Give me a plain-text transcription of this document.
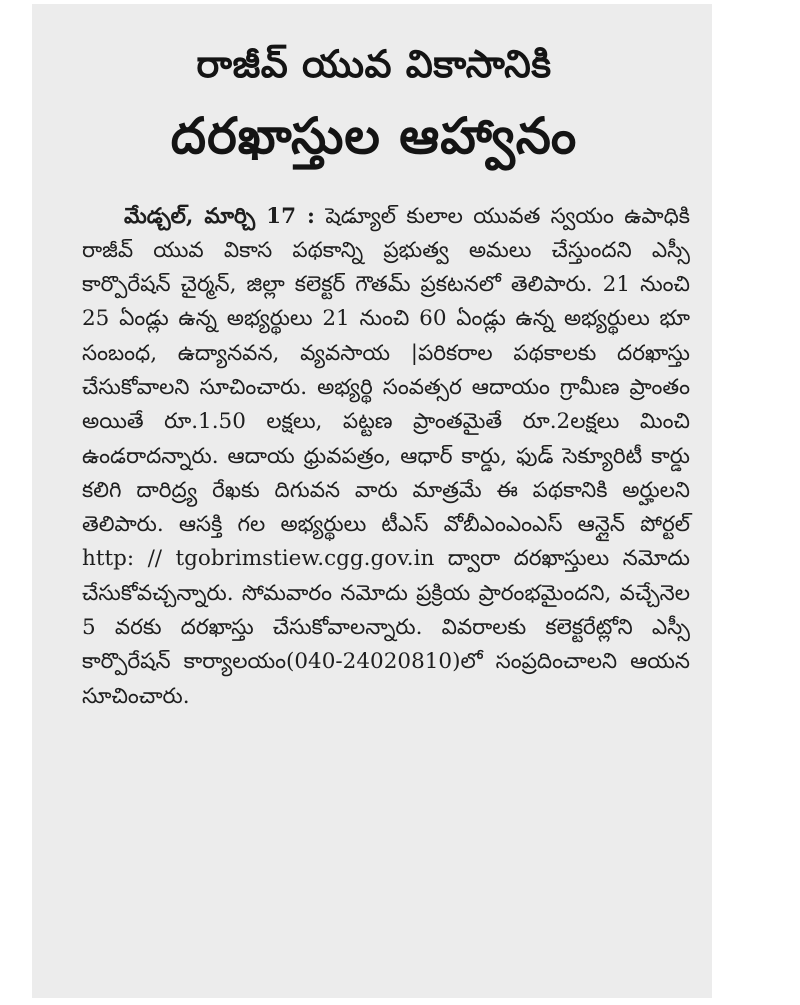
రాజీవ్ యువ వికాసానికి
దరఖాస్తుల ఆహ్వానం

మేడ్చల్, మార్చి 17 : షెడ్యూల్ కులాల యువత స్వయం ఉపాధికి రాజీవ్ యువ వికాస పథకాన్ని ప్రభుత్వ అమలు చేస్తుందని ఎస్సీ కార్పొరేషన్ చైర్మన్, జిల్లా కలెక్టర్ గౌతమ్ ప్రకటనలో తెలిపారు. 21 నుంచి 25 ఏండ్లు ఉన్న అభ్యర్థులు 21 నుంచి 60 ఏండ్లు ఉన్న అభ్యర్థులు భూ సంబంధ, ఉద్యానవన, వ్యవసాయ |పరికరాల పథకాలకు దరఖాస్తు చేసుకోవాలని సూచించారు. అభ్యర్థి సంవత్సర ఆదాయం గ్రామీణ ప్రాంతం అయితే రూ.1.50 లక్షలు, పట్టణ ప్రాంతమైతే రూ.2లక్షలు మించి ఉండరాదన్నారు. ఆదాయ ధ్రువపత్రం, ఆధార్ కార్డు, ఫుడ్ సెక్యూరిటీ కార్డు కలిగి దారిద్ర్య రేఖకు దిగువన వారు మాత్రమే ఈ పథకానికి అర్హులని తెలిపారు. ఆసక్తి గల అభ్యర్థులు టీఎస్ వోబీఎంఎంఎస్ ఆన్లైన్ పోర్టల్ http: // tgobrimstiew.cgg.gov.in ద్వారా దరఖాస్తులు నమోదు చేసుకోవచ్చన్నారు. సోమవారం నమోదు ప్రక్రియ ప్రారంభమైందని, వచ్చేనెల 5 వరకు దరఖాస్తు చేసుకోవాలన్నారు. వివరాలకు కలెక్టరేట్లోని ఎస్సీ కార్పొరేషన్ కార్యాలయం(040-24020810)లో సంప్రదించాలని ఆయన సూచించారు.
